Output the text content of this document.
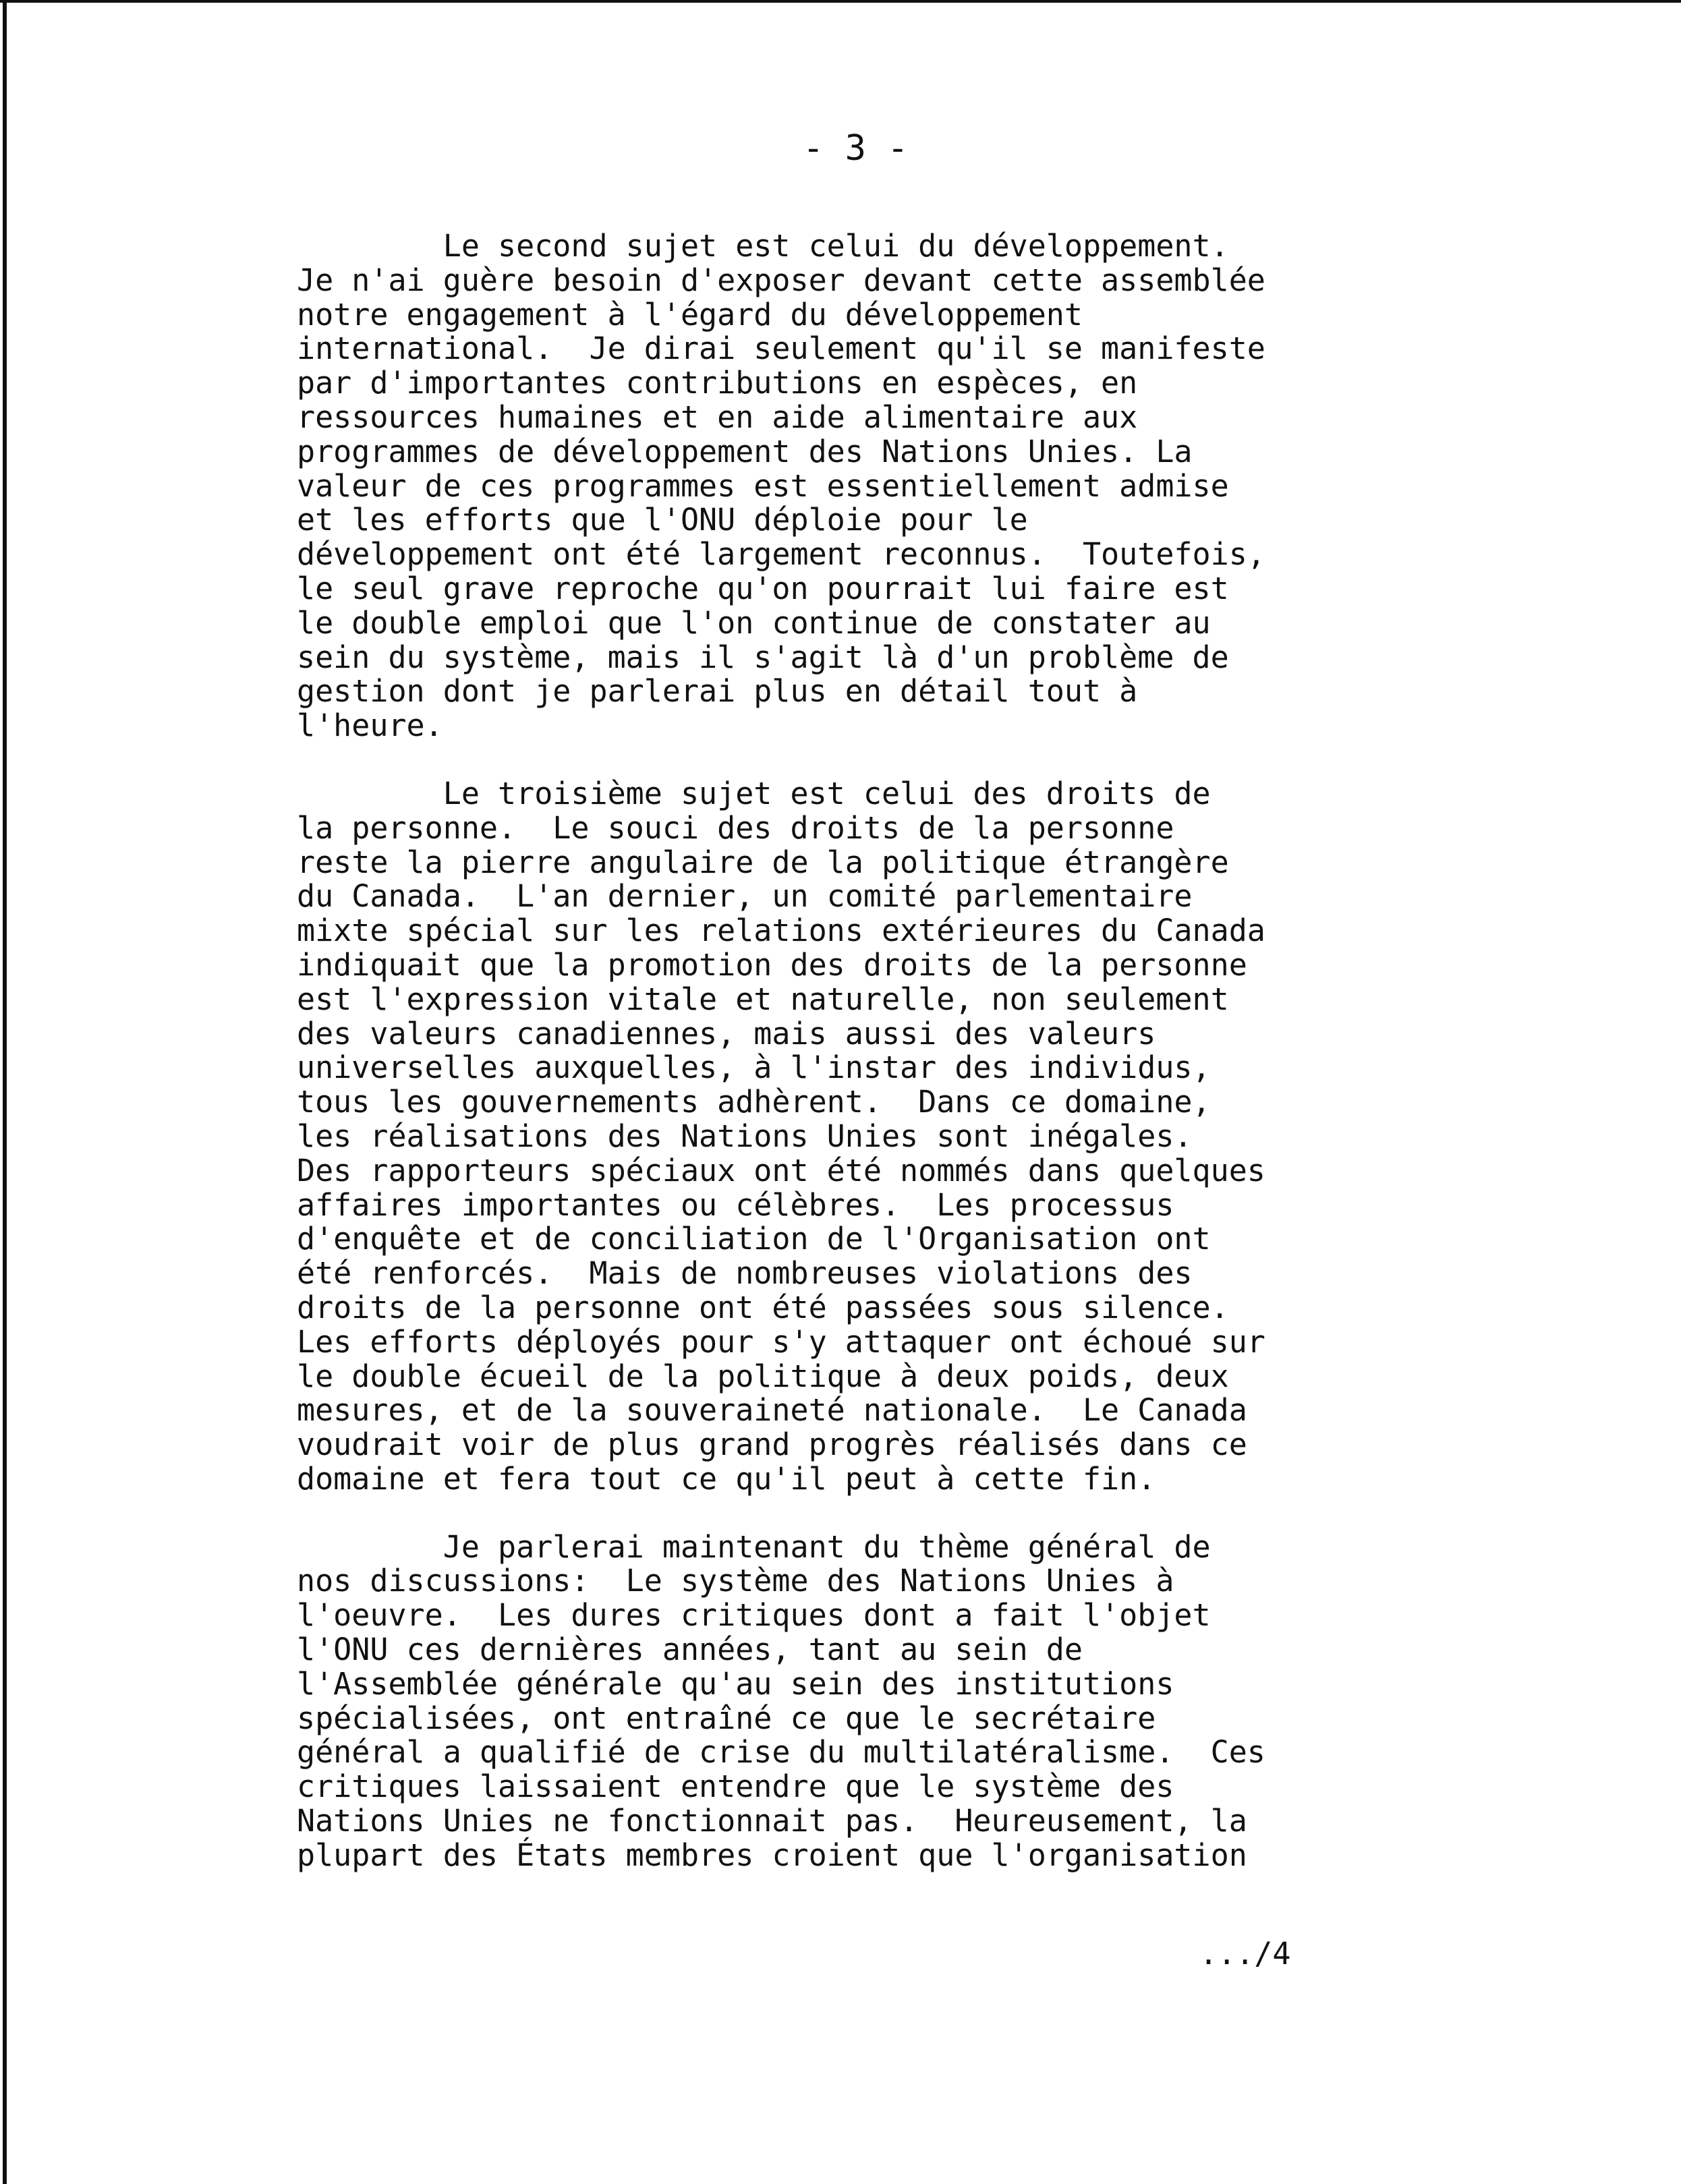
- 3 -
Le second sujet est celui du développement.
Je n'ai guère besoin d'exposer devant cette assemblée
notre engagement à l'égard du développement
international.  Je dirai seulement qu'il se manifeste
par d'importantes contributions en espèces, en
ressources humaines et en aide alimentaire aux
programmes de développement des Nations Unies. La
valeur de ces programmes est essentiellement admise
et les efforts que l'ONU déploie pour le
développement ont été largement reconnus.  Toutefois,
le seul grave reproche qu'on pourrait lui faire est
le double emploi que l'on continue de constater au
sein du système, mais il s'agit là d'un problème de
gestion dont je parlerai plus en détail tout à
l'heure.
Le troisième sujet est celui des droits de
la personne.  Le souci des droits de la personne
reste la pierre angulaire de la politique étrangère
du Canada.  L'an dernier, un comité parlementaire
mixte spécial sur les relations extérieures du Canada
indiquait que la promotion des droits de la personne
est l'expression vitale et naturelle, non seulement
des valeurs canadiennes, mais aussi des valeurs
universelles auxquelles, à l'instar des individus,
tous les gouvernements adhèrent.  Dans ce domaine,
les réalisations des Nations Unies sont inégales.
Des rapporteurs spéciaux ont été nommés dans quelques
affaires importantes ou célèbres.  Les processus
d'enquête et de conciliation de l'Organisation ont
été renforcés.  Mais de nombreuses violations des
droits de la personne ont été passées sous silence.
Les efforts déployés pour s'y attaquer ont échoué sur
le double écueil de la politique à deux poids, deux
mesures, et de la souveraineté nationale.  Le Canada
voudrait voir de plus grand progrès réalisés dans ce
domaine et fera tout ce qu'il peut à cette fin.
Je parlerai maintenant du thème général de
nos discussions:  Le système des Nations Unies à
l'oeuvre.  Les dures critiques dont a fait l'objet
l'ONU ces dernières années, tant au sein de
l'Assemblée générale qu'au sein des institutions
spécialisées, ont entraîné ce que le secrétaire
général a qualifié de crise du multilatéralisme.  Ces
critiques laissaient entendre que le système des
Nations Unies ne fonctionnait pas.  Heureusement, la
plupart des États membres croient que l'organisation
.../4
